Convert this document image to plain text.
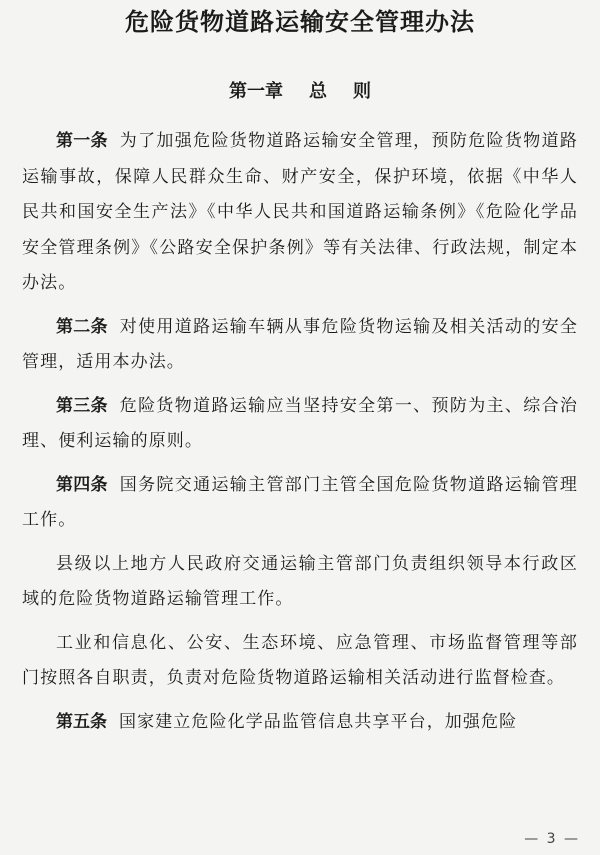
危险货物道路运输安全管理办法
第一章 总 则

第一条 为了加强危险货物道路运输安全管理，预防危险货物道路运输事故，保障人民群众生命、财产安全，保护环境，依据《中华人民共和国安全生产法》《中华人民共和国道路运输条例》《危险化学品安全管理条例》《公路安全保护条例》等有关法律、行政法规，制定本办法。

第二条 对使用道路运输车辆从事危险货物运输及相关活动的安全管理，适用本办法。

第三条 危险货物道路运输应当坚持安全第一、预防为主、综合治理、便利运输的原则。

第四条 国务院交通运输主管部门主管全国危险货物道路运输管理工作。

县级以上地方人民政府交通运输主管部门负责组织领导本行政区域的危险货物道路运输管理工作。

工业和信息化、公安、生态环境、应急管理、市场监督管理等部门按照各自职责，负责对危险货物道路运输相关活动进行监督检查。

第五条 国家建立危险化学品监管信息共享平台，加强危险

— 3 —
